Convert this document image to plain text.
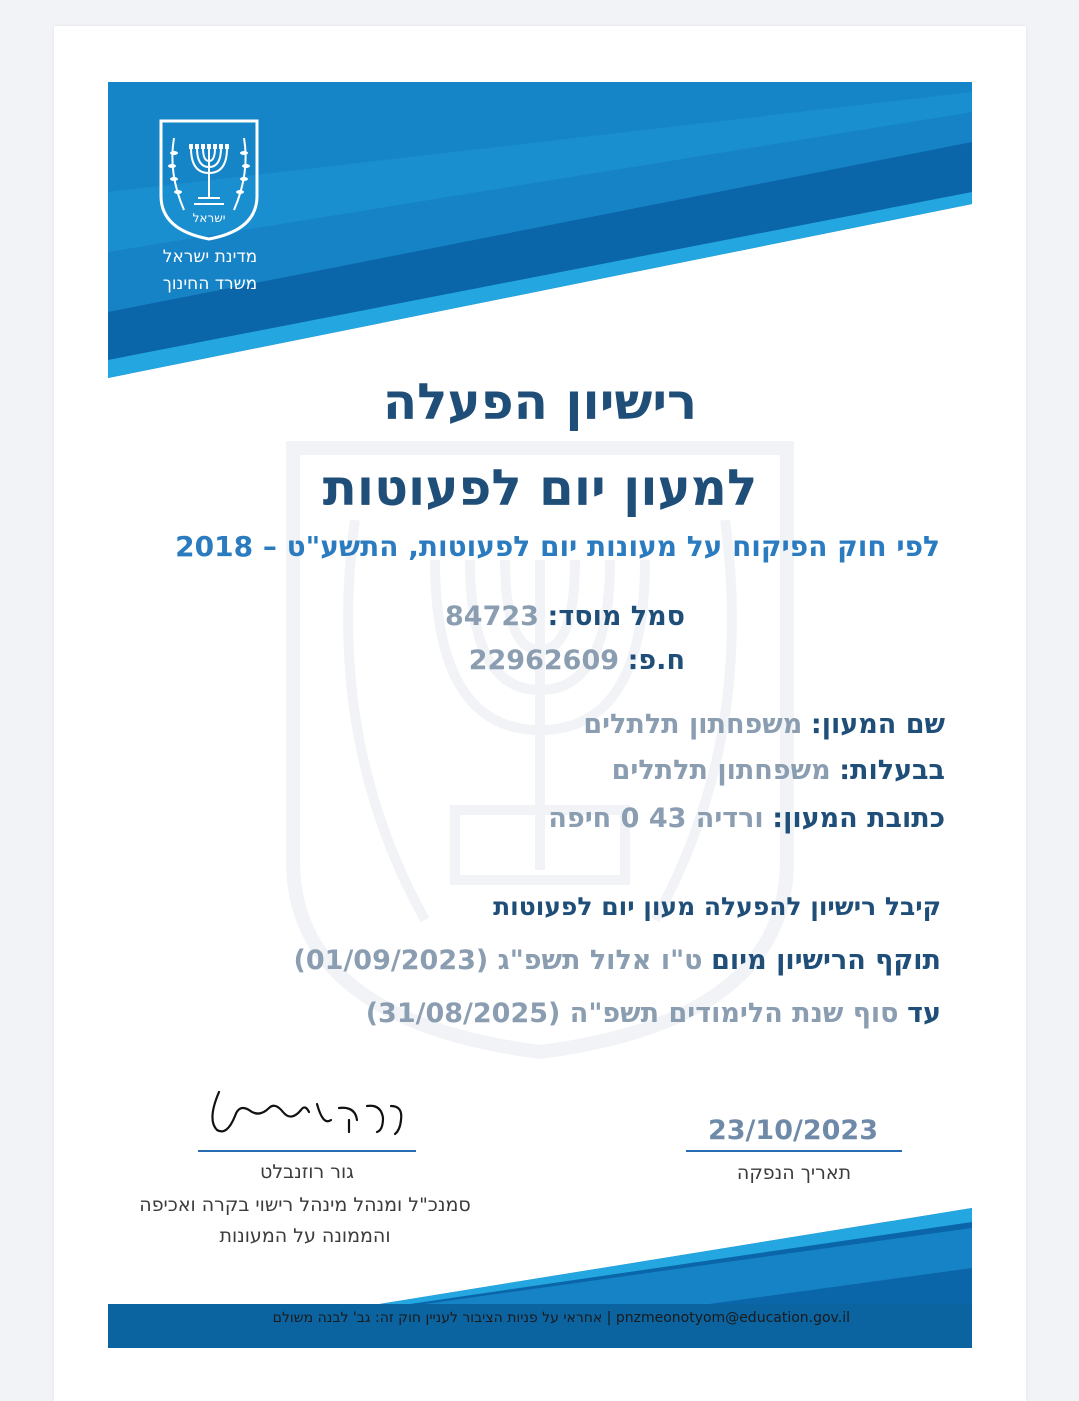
ישראל
מדינת ישראל
משרד החינוך
רישיון הפעלה
למעון יום לפעוטות
לפי חוק הפיקוח על מעונות יום לפעוטות, התשע"ט – 2018
סמל מוסד: 84723
ח.פ: 22962609
שם המעון: משפחתון תלתלים
בבעלות: משפחתון תלתלים
כתובת המעון: ורדיה 43 0 חיפה
קיבל רישיון להפעלה מעון יום לפעוטות
תוקף הרישיון מיום ט"ו אלול תשפ"ג (01/09/2023)
עד סוף שנת הלימודים תשפ"ה (31/08/2025)
גור רוזנבלט
סמנכ"ל ומנהל מינהל רישוי בקרה ואכיפה
והממונה על המעונות
23/10/2023
תאריך הנפקה
אחראי על פניות הציבור לעניין חוק זה: גב' לבנה משולם | pnzmeonotyom@education.gov.il
